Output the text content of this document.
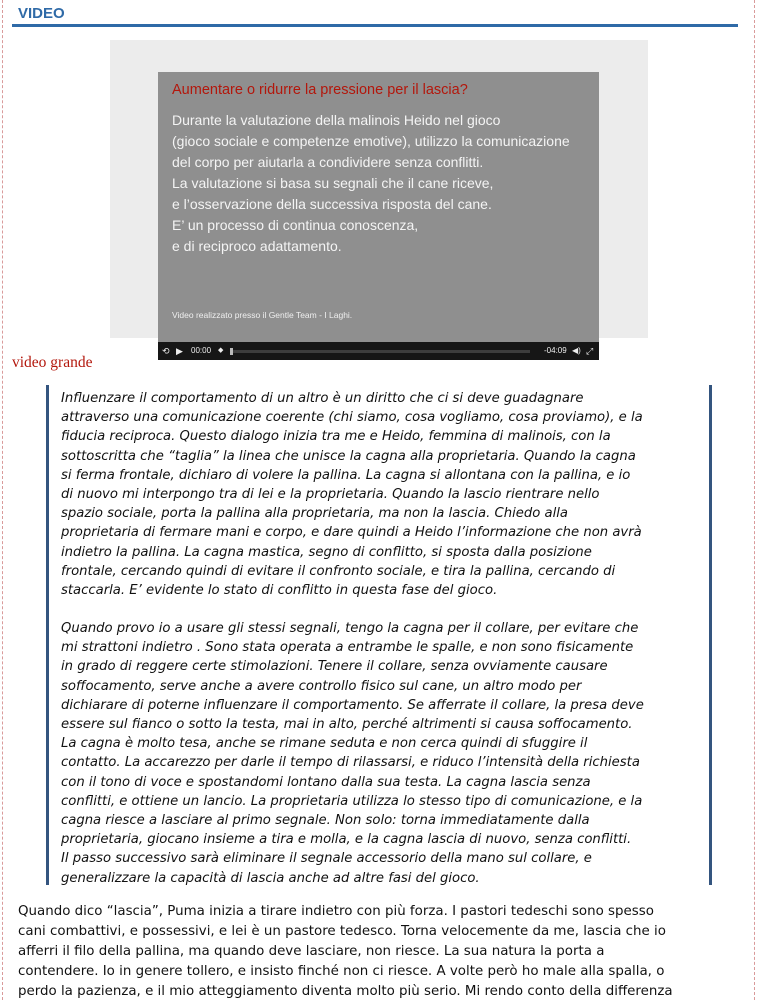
VIDEO
Aumentare o ridurre la pressione per il lascia?
Durante la valutazione della malinois Heido nel gioco
(gioco sociale e competenze emotive), utilizzo la comunicazione
del corpo per aiutarla a condividere senza conflitti.
La valutazione si basa su segnali che il cane riceve,
e l’osservazione della successiva risposta del cane.
E’ un processo di continua conoscenza,
e di reciproco adattamento.
Video realizzato presso il Gentle Team - I Laghi.
⟲ ▶ 00:00 ◆	-04:09 ◀) ⤢
video grande

Influenzare il comportamento di un altro è un diritto che ci si deve guadagnare
attraverso una comunicazione coerente (chi siamo, cosa vogliamo, cosa proviamo), e la
fiducia reciproca. Questo dialogo inizia tra me e Heido, femmina di malinois, con la
sottoscritta che “taglia” la linea che unisce la cagna alla proprietaria. Quando la cagna
si ferma frontale, dichiaro di volere la pallina. La cagna si allontana con la pallina, e io
di nuovo mi interpongo tra di lei e la proprietaria. Quando la lascio rientrare nello
spazio sociale, porta la pallina alla proprietaria, ma non la lascia. Chiedo alla
proprietaria di fermare mani e corpo, e dare quindi a Heido l’informazione che non avrà
indietro la pallina. La cagna mastica, segno di conflitto, si sposta dalla posizione
frontale, cercando quindi di evitare il confronto sociale, e tira la pallina, cercando di
staccarla. E’ evidente lo stato di conflitto in questa fase del gioco.

Quando provo io a usare gli stessi segnali, tengo la cagna per il collare, per evitare che
mi strattoni indietro . Sono stata operata a entrambe le spalle, e non sono fisicamente
in grado di reggere certe stimolazioni. Tenere il collare, senza ovviamente causare
soffocamento, serve anche a avere controllo fisico sul cane, un altro modo per
dichiarare di poterne influenzare il comportamento. Se afferrate il collare, la presa deve
essere sul fianco o sotto la testa, mai in alto, perché altrimenti si causa soffocamento.
La cagna è molto tesa, anche se rimane seduta e non cerca quindi di sfuggire il
contatto. La accarezzo per darle il tempo di rilassarsi, e riduco l’intensità della richiesta
con il tono di voce e spostandomi lontano dalla sua testa. La cagna lascia senza
conflitti, e ottiene un lancio. La proprietaria utilizza lo stesso tipo di comunicazione, e la
cagna riesce a lasciare al primo segnale. Non solo: torna immediatamente dalla
proprietaria, giocano insieme a tira e molla, e la cagna lascia di nuovo, senza conflitti.
Il passo successivo sarà eliminare il segnale accessorio della mano sul collare, e
generalizzare la capacità di lascia anche ad altre fasi del gioco.

Quando dico “lascia”, Puma inizia a tirare indietro con più forza. I pastori tedeschi sono spesso
cani combattivi, e possessivi, e lei è un pastore tedesco. Torna velocemente da me, lascia che io
afferri il filo della pallina, ma quando deve lasciare, non riesce. La sua natura la porta a
contendere. Io in genere tollero, e insisto finché non ci riesce. A volte però ho male alla spalla, o
perdo la pazienza, e il mio atteggiamento diventa molto più serio. Mi rendo conto della differenza
